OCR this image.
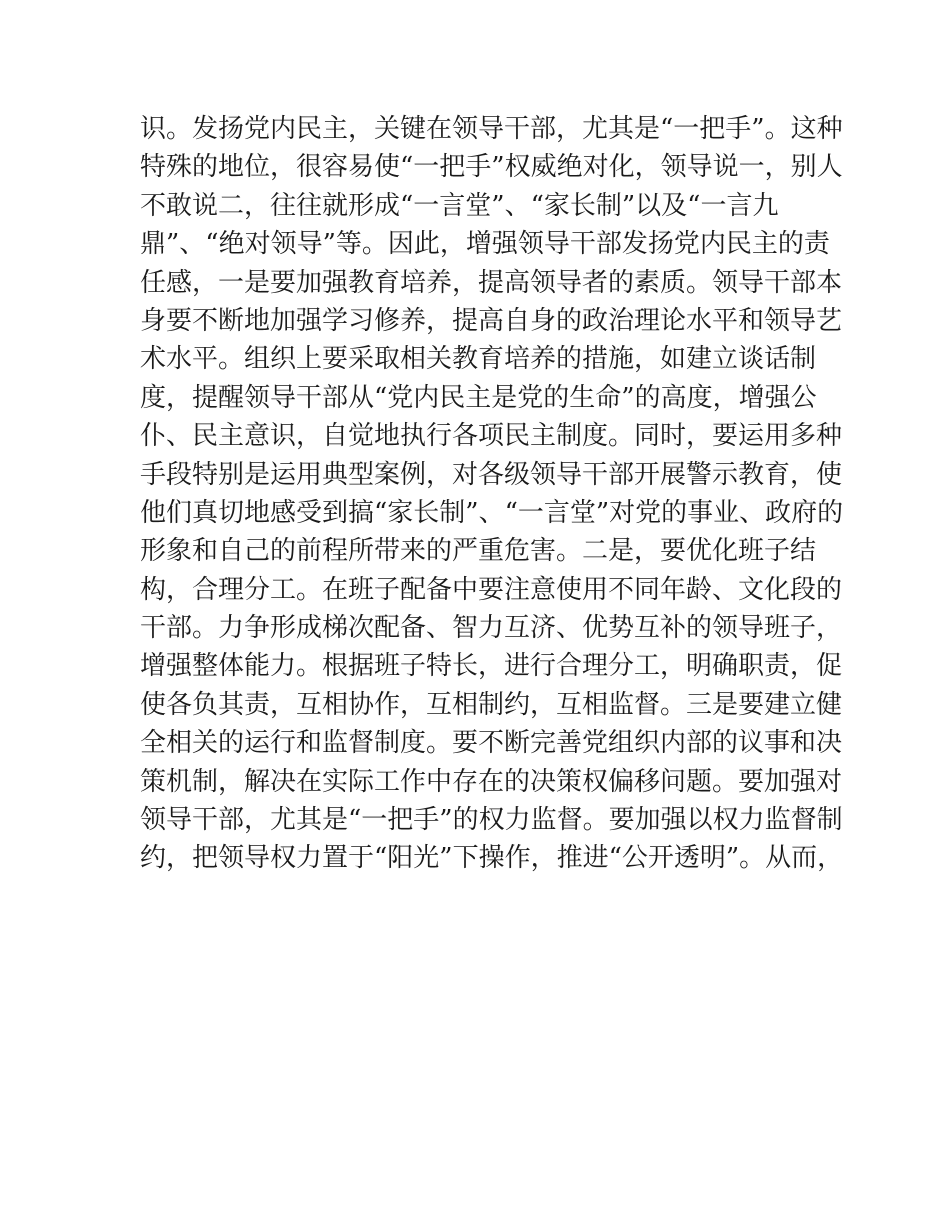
识。发扬党内民主，关键在领导干部，尤其是“一把手”。这种
特殊的地位，很容易使“一把手”权威绝对化，领导说一，别人
不敢说二，往往就形成“一言堂”、“家长制”以及“一言九
鼎”、“绝对领导”等。因此，增强领导干部发扬党内民主的责
任感，一是要加强教育培养，提高领导者的素质。领导干部本
身要不断地加强学习修养，提高自身的政治理论水平和领导艺
术水平。组织上要采取相关教育培养的措施，如建立谈话制
度，提醒领导干部从“党内民主是党的生命”的高度，增强公
仆、民主意识，自觉地执行各项民主制度。同时，要运用多种
手段特别是运用典型案例，对各级领导干部开展警示教育，使
他们真切地感受到搞“家长制”、“一言堂”对党的事业、政府的
形象和自己的前程所带来的严重危害。二是，要优化班子结
构，合理分工。在班子配备中要注意使用不同年龄、文化段的
干部。力争形成梯次配备、智力互济、优势互补的领导班子，
增强整体能力。根据班子特长，进行合理分工，明确职责，促
使各负其责，互相协作，互相制约，互相监督。三是要建立健
全相关的运行和监督制度。要不断完善党组织内部的议事和决
策机制，解决在实际工作中存在的决策权偏移问题。要加强对
领导干部，尤其是“一把手”的权力监督。要加强以权力监督制
约，把领导权力置于“阳光”下操作，推进“公开透明”。从而，
